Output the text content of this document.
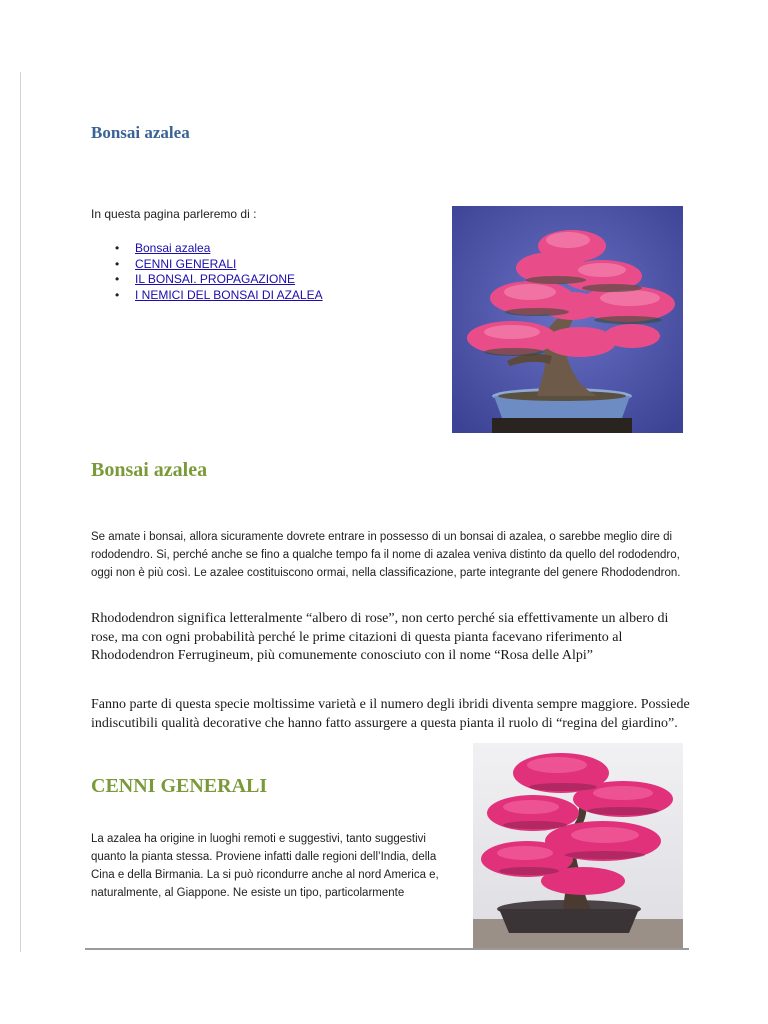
Bonsai azalea

In questa pagina parleremo di :

• Bonsai azalea
• CENNI GENERALI
• IL BONSAI. PROPAGAZIONE
• I NEMICI DEL BONSAI DI AZALEA
Bonsai azalea

Se amate i bonsai, allora sicuramente dovrete entrare in possesso di un bonsai di azalea, o sarebbe meglio dire di rododendro. Si, perché anche se fino a qualche tempo fa il nome di azalea veniva distinto da quello del rododendro, oggi non è più così. Le azalee costituiscono ormai, nella classificazione, parte integrante del genere Rhododendron.

Rhododendron significa letteralmente “albero di rose”, non certo perché sia effettivamente un albero di rose, ma con ogni probabilità perché le prime citazioni di questa pianta facevano riferimento al Rhododendron Ferrugineum, più comunemente conosciuto con il nome “Rosa delle Alpi”

Fanno parte di questa specie moltissime varietà e il numero degli ibridi diventa sempre maggiore. Possiede indiscutibili qualità decorative che hanno fatto assurgere a questa pianta il ruolo di “regina del giardino”.

CENNI GENERALI

La azalea ha origine in luoghi remoti e suggestivi, tanto suggestivi quanto la pianta stessa. Proviene infatti dalle regioni dell’India, della Cina e della Birmania. La si può ricondurre anche al nord America e, naturalmente, al Giappone. Ne esiste un tipo, particolarmente
